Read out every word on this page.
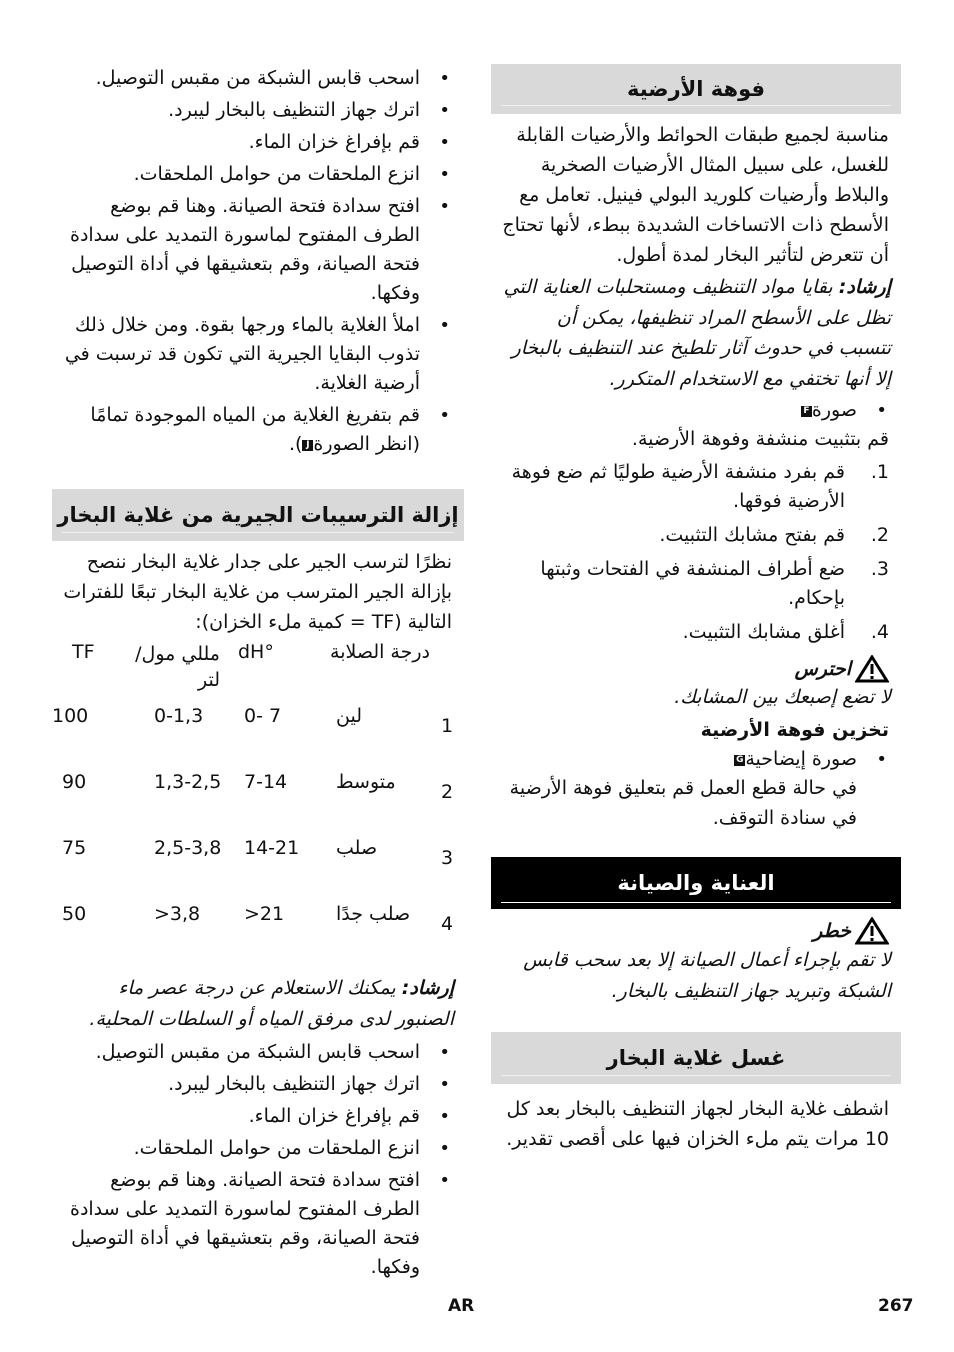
فوهة الأرضية
مناسبة لجميع طبقات الحوائط والأرضيات القابلة للغسل، على سبيل المثال الأرضيات الصخرية والبلاط وأرضيات كلوريد البولي فينيل. تعامل مع الأسطح ذات الاتساخات الشديدة ببطء، لأنها تحتاج أن تتعرض لتأثير البخار لمدة أطول.
إرشاد: بقايا مواد التنظيف ومستحلبات العناية التي تظل على الأسطح المراد تنظيفها، يمكن أن تتسبب في حدوث آثار تلطيخ عند التنظيف بالبخار إلا أنها تختفي مع الاستخدام المتكرر.
• صورةF
قم بتثبيت منشفة وفوهة الأرضية.
1.
قم بفرد منشفة الأرضية طوليًا ثم ضع فوهة الأرضية فوقها.
2.
قم بفتح مشابك التثبيت.
3.
ضع أطراف المنشفة في الفتحات وثبتها بإحكام.
4.
أغلق مشابك التثبيت.
احترس
لا تضع إصبعك بين المشابك.
تخزين فوهة الأرضية
• صورة إيضاحيةG
في حالة قطع العمل قم بتعليق فوهة الأرضية في سنادة التوقف.
العناية والصيانة
خطر
لا تقم بإجراء أعمال الصيانة إلا بعد سحب قابس الشبكة وتبريد جهاز التنظيف بالبخار.
غسل غلاية البخار
اشطف غلاية البخار لجهاز التنظيف بالبخار بعد كل 10 مرات يتم ملء الخزان فيها على أقصى تقدير.
• اسحب قابس الشبكة من مقبس التوصيل.
• اترك جهاز التنظيف بالبخار ليبرد.
• قم بإفراغ خزان الماء.
• انزع الملحقات من حوامل الملحقات.
• افتح سدادة فتحة الصيانة. وهنا قم بوضع الطرف المفتوح لماسورة التمديد على سدادة فتحة الصيانة، وقم بتعشيقها في أداة التوصيل وفكها.
• املأ الغلاية بالماء ورجها بقوة. ومن خلال ذلك تذوب البقايا الجيرية التي تكون قد ترسبت في أرضية الغلاية.
• قم بتفريغ الغلاية من المياه الموجودة تمامًا (انظر الصورةJ).
إزالة الترسيبات الجيرية من غلاية البخار
نظرًا لترسب الجير على جدار غلاية البخار ننصح بإزالة الجير المترسب من غلاية البخار تبعًا للفترات التالية (TF = كمية ملء الخزان):
	درجة الصلابة	°dH	مللي مول/ لتر	TF
1	لين	0- 7	0-1,3	100
2	متوسط	7-14	1,3-2,5	90
3	صلب	14-21	2,5-3,8	75
4	صلب جدًا	>21	>3,8	50
إرشاد: يمكنك الاستعلام عن درجة عصر ماء الصنبور لدى مرفق المياه أو السلطات المحلية.
• اسحب قابس الشبكة من مقبس التوصيل.
• اترك جهاز التنظيف بالبخار ليبرد.
• قم بإفراغ خزان الماء.
• انزع الملحقات من حوامل الملحقات.
• افتح سدادة فتحة الصيانة. وهنا قم بوضع الطرف المفتوح لماسورة التمديد على سدادة فتحة الصيانة، وقم بتعشيقها في أداة التوصيل وفكها.
AR	267
